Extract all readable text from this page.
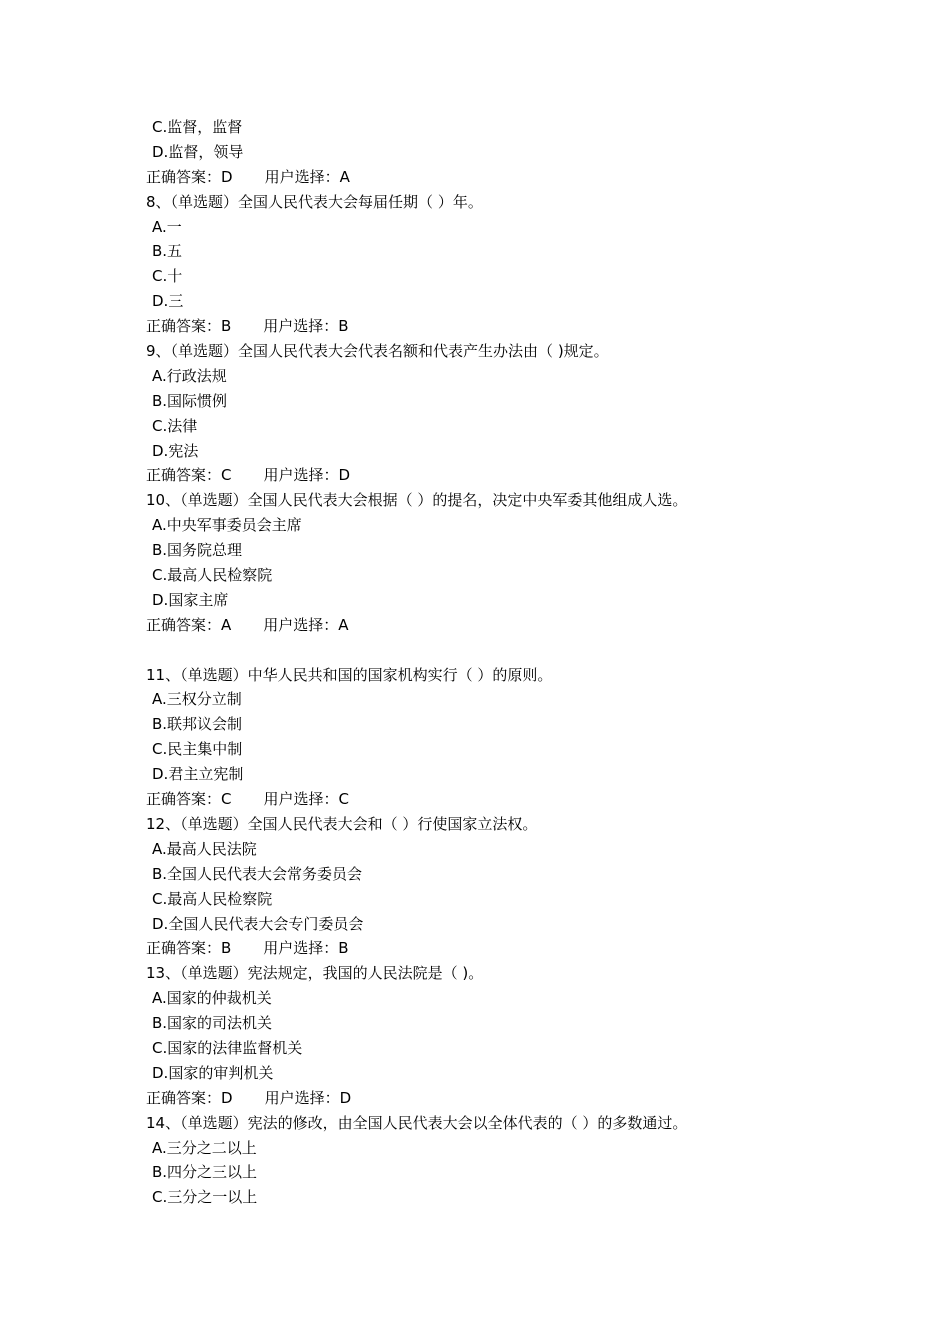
C.监督，监督
D.监督，领导
正确答案：D 用户选择：A
8、（单选题）全国人民代表大会每届任期（ ）年。
A.一
B.五
C.十
D.三
正确答案：B 用户选择：B
9、（单选题）全国人民代表大会代表名额和代表产生办法由（ )规定。
A.行政法规
B.国际惯例
C.法律
D.宪法
正确答案：C 用户选择：D
10、（单选题）全国人民代表大会根据（ ）的提名，决定中央军委其他组成人选。
A.中央军事委员会主席
B.国务院总理
C.最高人民检察院
D.国家主席
正确答案：A 用户选择：A
11、（单选题）中华人民共和国的国家机构实行（ ）的原则。
A.三权分立制
B.联邦议会制
C.民主集中制
D.君主立宪制
正确答案：C 用户选择：C
12、（单选题）全国人民代表大会和（ ）行使国家立法权。
A.最高人民法院
B.全国人民代表大会常务委员会
C.最高人民检察院
D.全国人民代表大会专门委员会
正确答案：B 用户选择：B
13、（单选题）宪法规定，我国的人民法院是（ )。
A.国家的仲裁机关
B.国家的司法机关
C.国家的法律监督机关
D.国家的审判机关
正确答案：D 用户选择：D
14、（单选题）宪法的修改，由全国人民代表大会以全体代表的（ ）的多数通过。
A.三分之二以上
B.四分之三以上
C.三分之一以上
